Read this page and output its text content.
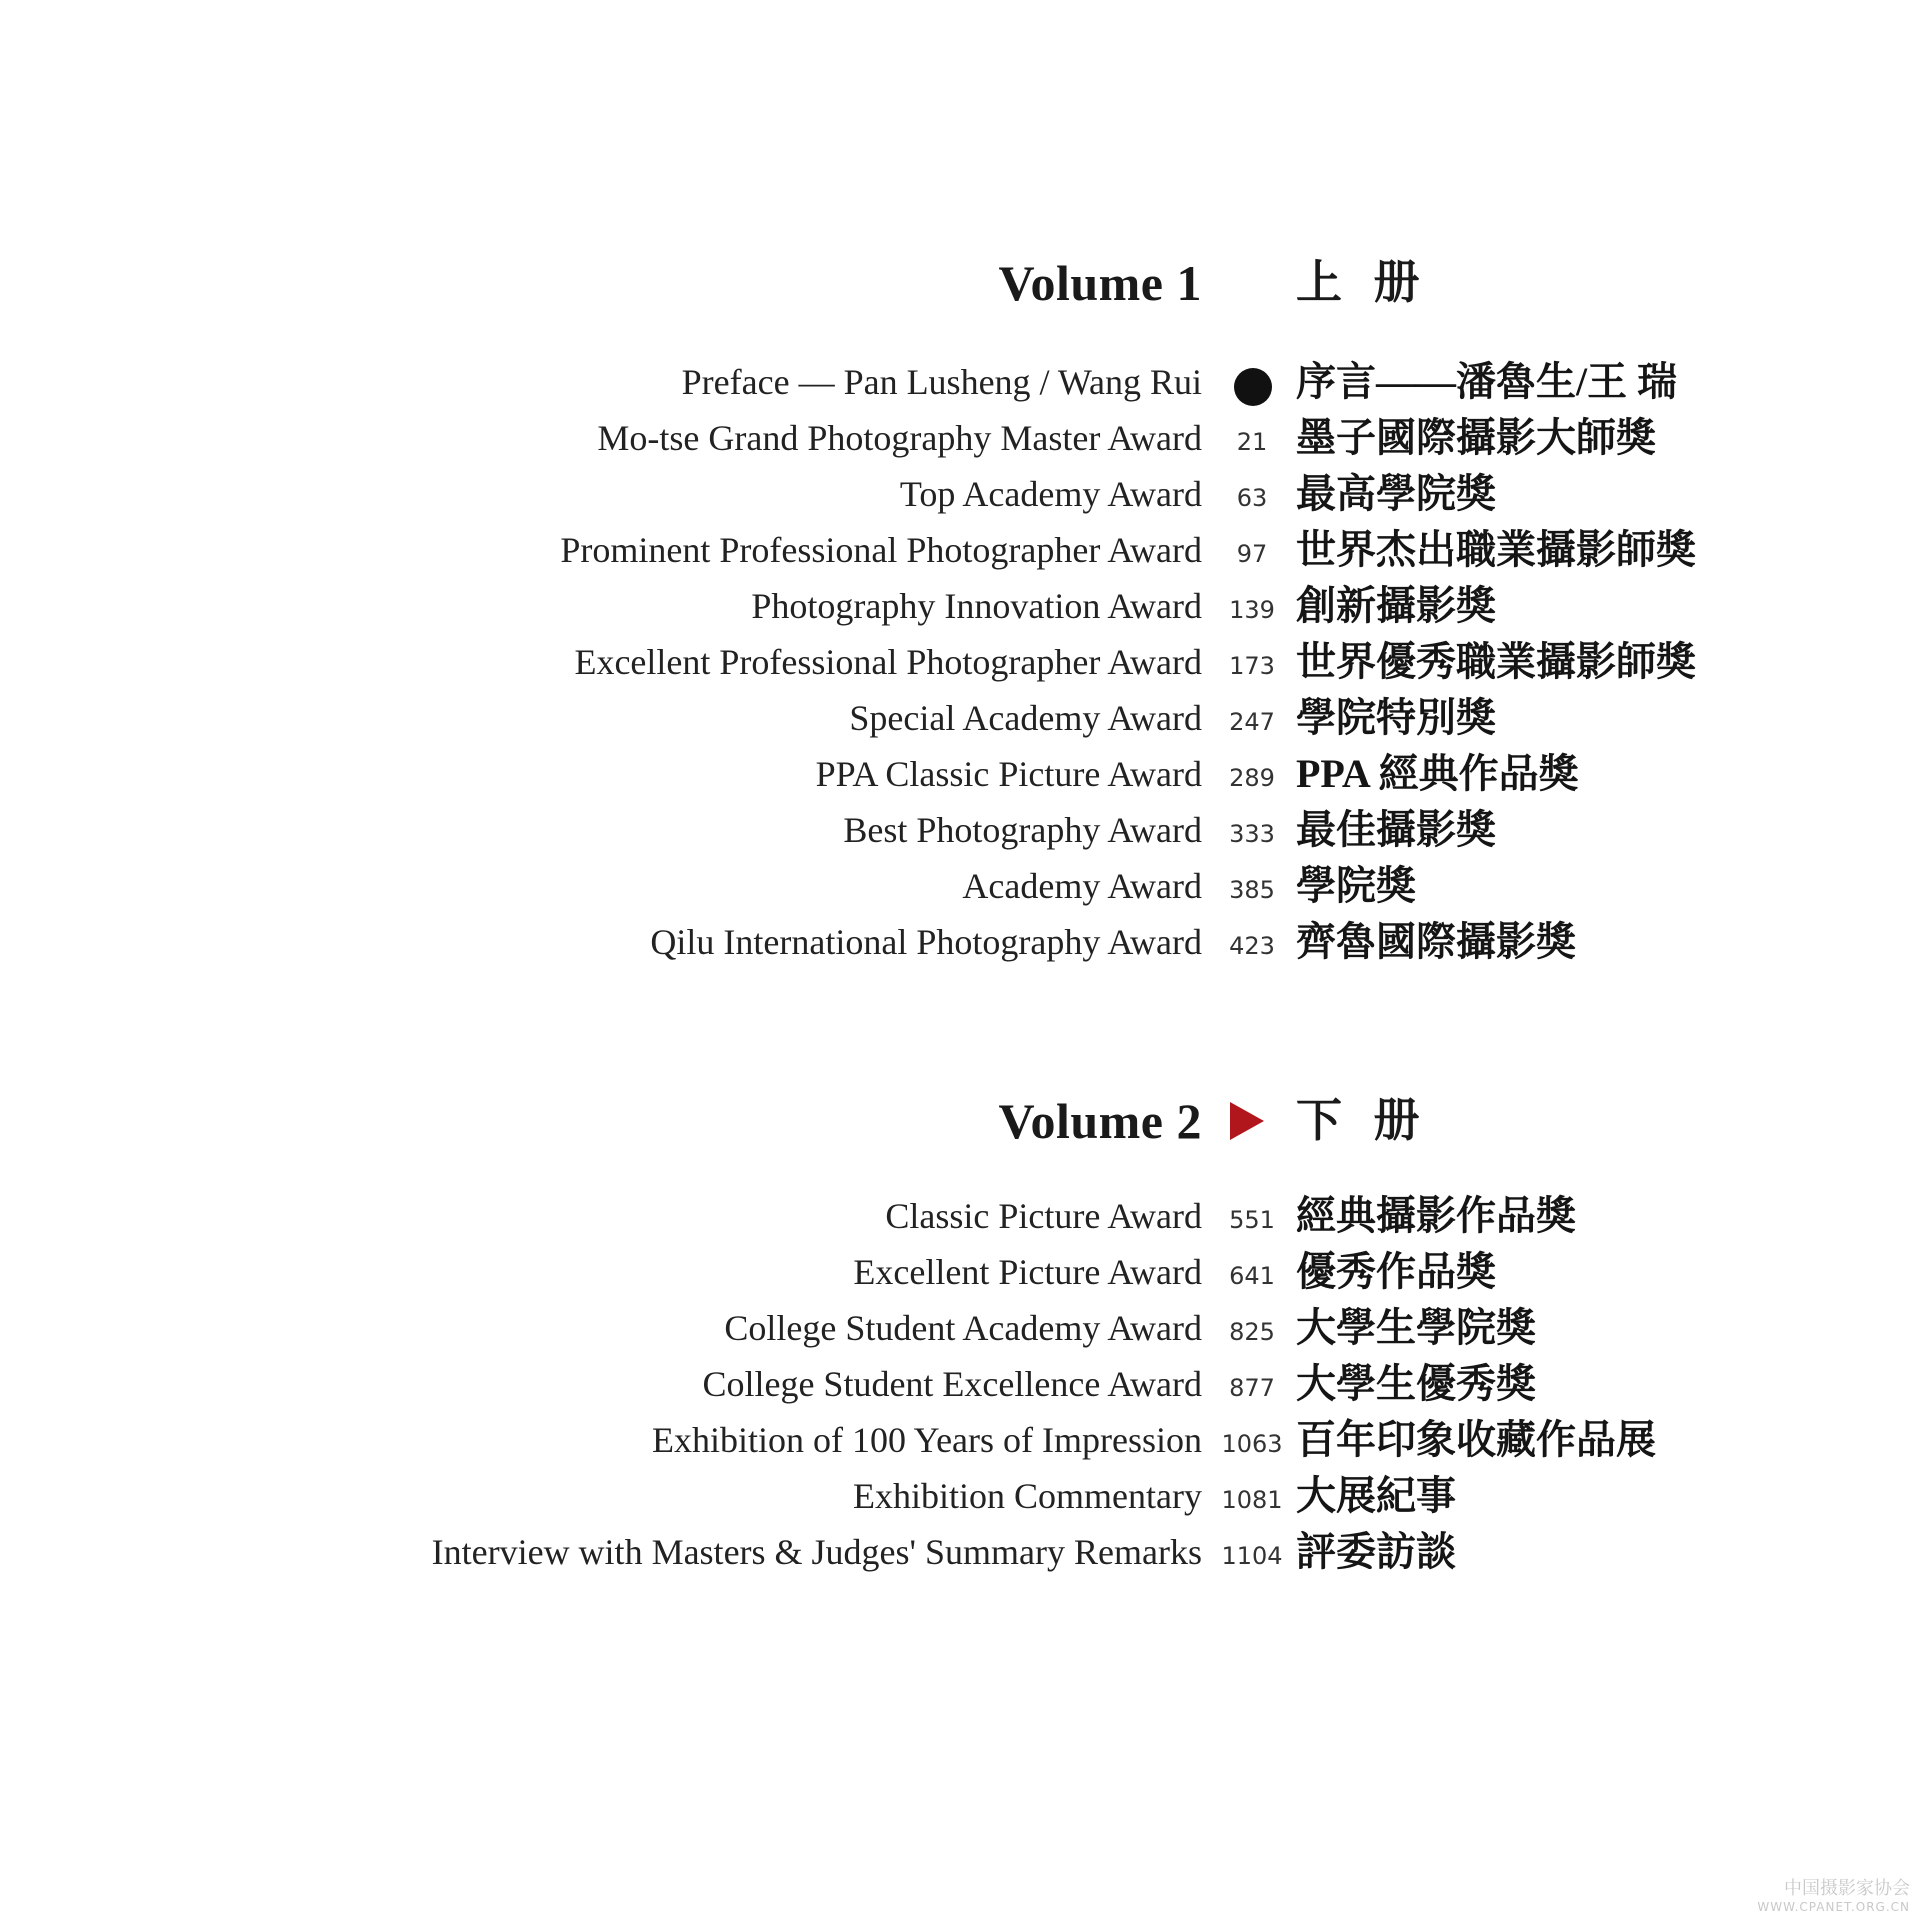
Volume 1 上 册
Preface — Pan Lusheng / Wang Rui 序言——潘魯生/王 瑞
Mo-tse Grand Photography Master Award	21 墨子國際攝影大師獎
Top Academy Award	63 最高學院獎
Prominent Professional Photographer Award	97 世界杰出職業攝影師獎
Photography Innovation Award	139 創新攝影獎
Excellent Professional Photographer Award	173 世界優秀職業攝影師獎
Special Academy Award	247 學院特別獎
PPA Classic Picture Award	289 PPA 經典作品獎
Best Photography Award	333 最佳攝影獎
Academy Award	385 學院獎
Qilu International Photography Award	423 齊魯國際攝影獎
Volume 2 下 册
Classic Picture Award	551 經典攝影作品獎
Excellent Picture Award	641 優秀作品獎
College Student Academy Award	825 大學生學院獎
College Student Excellence Award	877 大學生優秀獎
Exhibition of 100 Years of Impression 1063 百年印象收藏作品展
Exhibition Commentary 1081 大展紀事
Interview with Masters & Judges' Summary Remarks 1104 評委訪談
中国摄影家协会
WWW.CPANET.ORG.CN
